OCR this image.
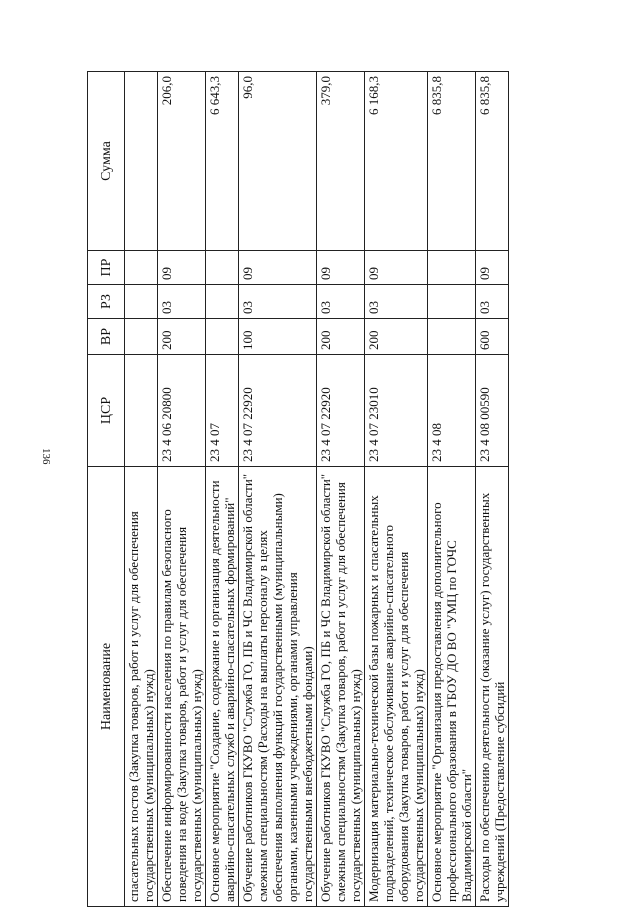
136
Наименование	ЦСР	ВР	РЗ	ПР	Сумма
спасательных постов (Закупка товаров, работ и услуг для обеспечения государственных (муниципальных) нужд)					
Обеспечение информированности населения по правилам безопасного поведения на воде (Закупка товаров, работ и услуг для обеспечения государственных (муниципальных) нужд)	23 4 06 20800	200	03	09	206,0
Основное мероприятие "Создание, содержание и организация деятельности аварийно-спасательных служб и аварийно-спасательных формирований"	23 4 07				6 643,3
Обучение работников ГКУВО "Служба ГО, ПБ и ЧС Владимирской области" смежным специальностям (Расходы на выплаты персоналу в целях обеспечения выполнения функций государственными (муниципальными) органами, казенными учреждениями, органами управления государственными внебюджетными фондами)	23 4 07 22920	100	03	09	96,0
Обучение работников ГКУВО "Служба ГО, ПБ и ЧС Владимирской области" смежным специальностям (Закупка товаров, работ и услуг для обеспечения государственных (муниципальных) нужд)	23 4 07 22920	200	03	09	379,0
Модернизация материально-технической базы пожарных и спасательных подразделений, техническое обслуживание аварийно-спасательного оборудования (Закупка товаров, работ и услуг для обеспечения государственных (муниципальных) нужд)	23 4 07 23010	200	03	09	6 168,3
Основное мероприятие "Организация предоставления дополнительного профессионального образования в ГБОУ ДО ВО "УМЦ по ГОЧС Владимирской области"	23 4 08				6 835,8
Расходы по обеспечению деятельности (оказание услуг) государственных учреждений (Предоставление субсидий	23 4 08 00590	600	03	09	6 835,8
